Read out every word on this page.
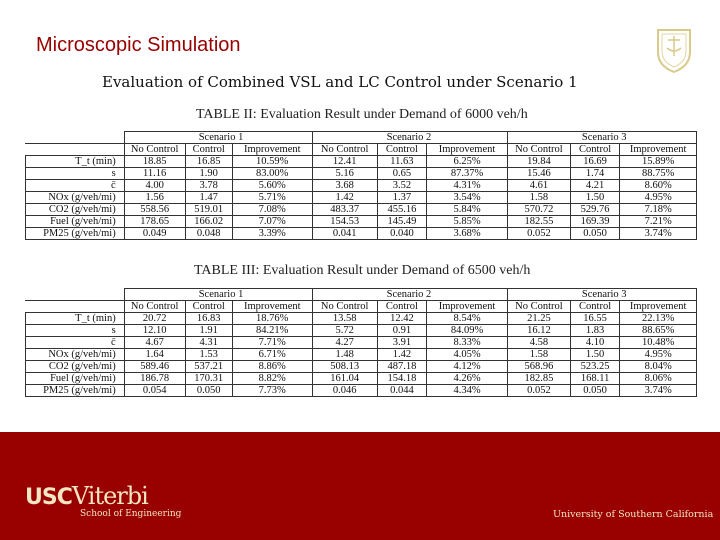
Microscopic Simulation
Evaluation of Combined VSL and LC Control under Scenario 1
TABLE II: Evaluation Result under Demand of 6000 veh/h
	Scenario 1			Scenario 2			Scenario 3		
	No Control	Control	Improvement	No Control	Control	Improvement	No Control	Control	Improvement
T_t (min)	18.85	16.85	10.59%	12.41	11.63	6.25%	19.84	16.69	15.89%
s	11.16	1.90	83.00%	5.16	0.65	87.37%	15.46	1.74	88.75%
c̄	4.00	3.78	5.60%	3.68	3.52	4.31%	4.61	4.21	8.60%
NOx (g/veh/mi)	1.56	1.47	5.71%	1.42	1.37	3.54%	1.58	1.50	4.95%
CO2 (g/veh/mi)	558.56	519.01	7.08%	483.37	455.16	5.84%	570.72	529.76	7.18%
Fuel (g/veh/mi)	178.65	166.02	7.07%	154.53	145.49	5.85%	182.55	169.39	7.21%
PM25 (g/veh/mi)	0.049	0.048	3.39%	0.041	0.040	3.68%	0.052	0.050	3.74%
TABLE III: Evaluation Result under Demand of 6500 veh/h
	Scenario 1			Scenario 2			Scenario 3		
	No Control	Control	Improvement	No Control	Control	Improvement	No Control	Control	Improvement
T_t (min)	20.72	16.83	18.76%	13.58	12.42	8.54%	21.25	16.55	22.13%
s	12.10	1.91	84.21%	5.72	0.91	84.09%	16.12	1.83	88.65%
c̄	4.67	4.31	7.71%	4.27	3.91	8.33%	4.58	4.10	10.48%
NOx (g/veh/mi)	1.64	1.53	6.71%	1.48	1.42	4.05%	1.58	1.50	4.95%
CO2 (g/veh/mi)	589.46	537.21	8.86%	508.13	487.18	4.12%	568.96	523.25	8.04%
Fuel (g/veh/mi)	186.78	170.31	8.82%	161.04	154.18	4.26%	182.85	168.11	8.06%
PM25 (g/veh/mi)	0.054	0.050	7.73%	0.046	0.044	4.34%	0.052	0.050	3.74%
USCViterbi
School of Engineering	University of Southern California
